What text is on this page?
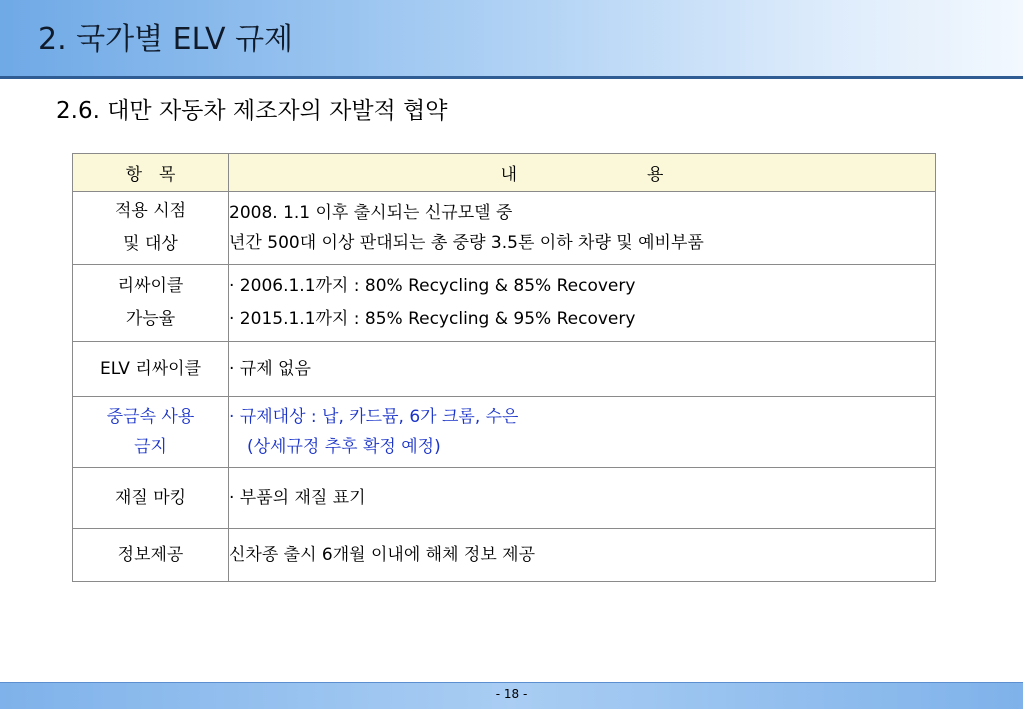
2. 국가별 ELV 규제
2.6. 대만 자동차 제조자의 자발적 협약
항　목	내 용

적용 시점
및 대상	2008. 1.1 이후 출시되는 신규모델 중
년간 500대 이상 판대되는 총 중량 3.5톤 이하 차량 및 예비부품

리싸이클
가능율	· 2006.1.1까지 : 80% Recycling & 85% Recovery
· 2015.1.1까지 : 85% Recycling & 95% Recovery

ELV 리싸이클	· 규제 없음

중금속 사용
금지	· 규제대상 : 납, 카드뮴, 6가 크롬, 수은
(상세규정 추후 확정 예정)

재질 마킹	· 부품의 재질 표기

정보제공	신차종 출시 6개월 이내에 해체 정보 제공
- 18 -
